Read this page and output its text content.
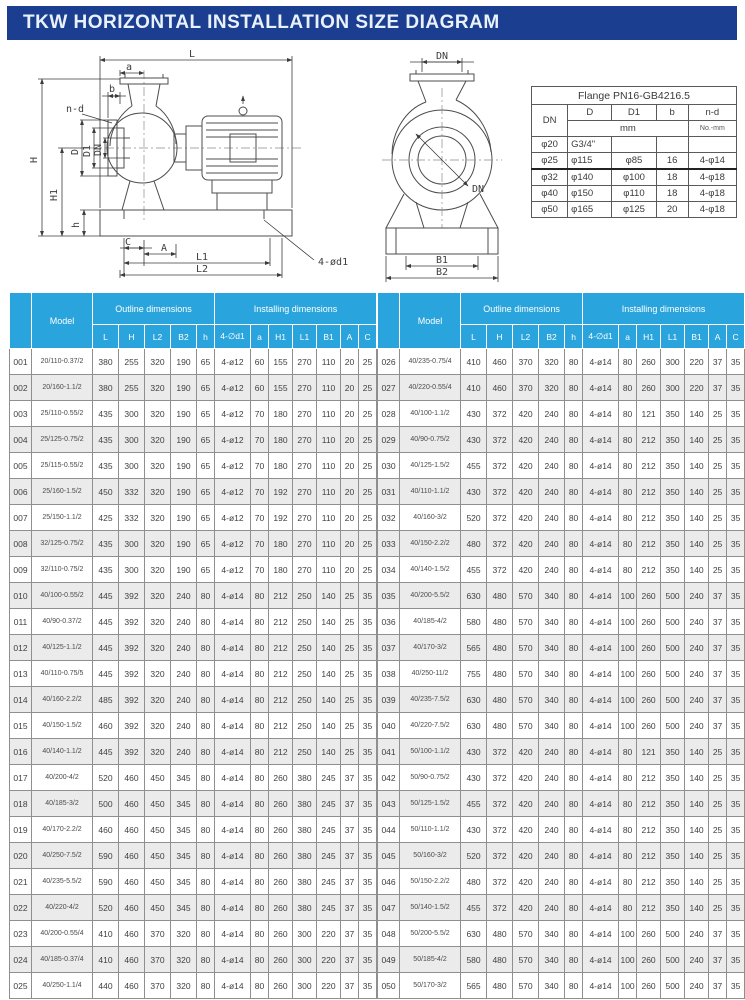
TKW HORIZONTAL INSTALLATION SIZE DIAGRAM
L
a
b
n-d
D D1 DN
H
H1
h
C
A
L1
L2
4-ød1
DN
DN
B1
B2
Flange PN16-GB4216.5				
DN	D	D1	b	n-d
	mm			No.-mm
φ20	G3/4"			
φ25	φ115	φ85	16	4-φ14
φ32	φ140	φ100	18	4-φ18
φ40	φ150	φ110	18	4-φ18
φ50	φ165	φ125	20	4-φ18
	Model	Outline dimensions					Installing dimensions						
		L	H	L2	B2	h	4-∅d1	a	H1	L1	B1	A	C
001	20/110-0.37/2	380	255	320	190	65	4-ø12	60	155	270	110	20	25
002	20/160-1.1/2	380	255	320	190	65	4-ø12	60	155	270	110	20	25
003	25/110-0.55/2	435	300	320	190	65	4-ø12	70	180	270	110	20	25
004	25/125-0.75/2	435	300	320	190	65	4-ø12	70	180	270	110	20	25
005	25/115-0.55/2	435	300	320	190	65	4-ø12	70	180	270	110	20	25
006	25/160-1.5/2	450	332	320	190	65	4-ø12	70	192	270	110	20	25
007	25/150-1.1/2	425	332	320	190	65	4-ø12	70	192	270	110	20	25
008	32/125-0.75/2	435	300	320	190	65	4-ø12	70	180	270	110	20	25
009	32/110-0.75/2	435	300	320	190	65	4-ø12	70	180	270	110	20	25
010	40/100-0.55/2	445	392	320	240	80	4-ø14	80	212	250	140	25	35
011	40/90-0.37/2	445	392	320	240	80	4-ø14	80	212	250	140	25	35
012	40/125-1.1/2	445	392	320	240	80	4-ø14	80	212	250	140	25	35
013	40/110-0.75/5	445	392	320	240	80	4-ø14	80	212	250	140	25	35
014	40/160-2.2/2	485	392	320	240	80	4-ø14	80	212	250	140	25	35
015	40/150-1.5/2	460	392	320	240	80	4-ø14	80	212	250	140	25	35
016	40/140-1.1/2	445	392	320	240	80	4-ø14	80	212	250	140	25	35
017	40/200-4/2	520	460	450	345	80	4-ø14	80	260	380	245	37	35
018	40/185-3/2	500	460	450	345	80	4-ø14	80	260	380	245	37	35
019	40/170-2.2/2	460	460	450	345	80	4-ø14	80	260	380	245	37	35
020	40/250-7.5/2	590	460	450	345	80	4-ø14	80	260	380	245	37	35
021	40/235-5.5/2	590	460	450	345	80	4-ø14	80	260	380	245	37	35
022	40/220-4/2	520	460	450	345	80	4-ø14	80	260	380	245	37	35
023	40/200-0.55/4	410	460	370	320	80	4-ø14	80	260	300	220	37	35
024	40/185-0.37/4	410	460	370	320	80	4-ø14	80	260	300	220	37	35
025	40/250-1.1/4	440	460	370	320	80	4-ø14	80	260	300	220	37	35
	Model	Outline dimensions					Installing dimensions						
		L	H	L2	B2	h	4-∅d1	a	H1	L1	B1	A	C
026	40/235-0.75/4	410	460	370	320	80	4-ø14	80	260	300	220	37	35
027	40/220-0.55/4	410	460	370	320	80	4-ø14	80	260	300	220	37	35
028	40/100-1.1/2	430	372	420	240	80	4-ø14	80	121	350	140	25	35
029	40/90-0.75/2	430	372	420	240	80	4-ø14	80	212	350	140	25	35
030	40/125-1.5/2	455	372	420	240	80	4-ø14	80	212	350	140	25	35
031	40/110-1.1/2	430	372	420	240	80	4-ø14	80	212	350	140	25	35
032	40/160-3/2	520	372	420	240	80	4-ø14	80	212	350	140	25	35
033	40/150-2.2/2	480	372	420	240	80	4-ø14	80	212	350	140	25	35
034	40/140-1.5/2	455	372	420	240	80	4-ø14	80	212	350	140	25	35
035	40/200-5.5/2	630	480	570	340	80	4-ø14	100	260	500	240	37	35
036	40/185-4/2	580	480	570	340	80	4-ø14	100	260	500	240	37	35
037	40/170-3/2	565	480	570	340	80	4-ø14	100	260	500	240	37	35
038	40/250-11/2	755	480	570	340	80	4-ø14	100	260	500	240	37	35
039	40/235-7.5/2	630	480	570	340	80	4-ø14	100	260	500	240	37	35
040	40/220-7.5/2	630	480	570	340	80	4-ø14	100	260	500	240	37	35
041	50/100-1.1/2	430	372	420	240	80	4-ø14	80	121	350	140	25	35
042	50/90-0.75/2	430	372	420	240	80	4-ø14	80	212	350	140	25	35
043	50/125-1.5/2	455	372	420	240	80	4-ø14	80	212	350	140	25	35
044	50/110-1.1/2	430	372	420	240	80	4-ø14	80	212	350	140	25	35
045	50/160-3/2	520	372	420	240	80	4-ø14	80	212	350	140	25	35
046	50/150-2.2/2	480	372	420	240	80	4-ø14	80	212	350	140	25	35
047	50/140-1.5/2	455	372	420	240	80	4-ø14	80	212	350	140	25	35
048	50/200-5.5/2	630	480	570	340	80	4-ø14	100	260	500	240	37	35
049	50/185-4/2	580	480	570	340	80	4-ø14	100	260	500	240	37	35
050	50/170-3/2	565	480	570	340	80	4-ø14	100	260	500	240	37	35
